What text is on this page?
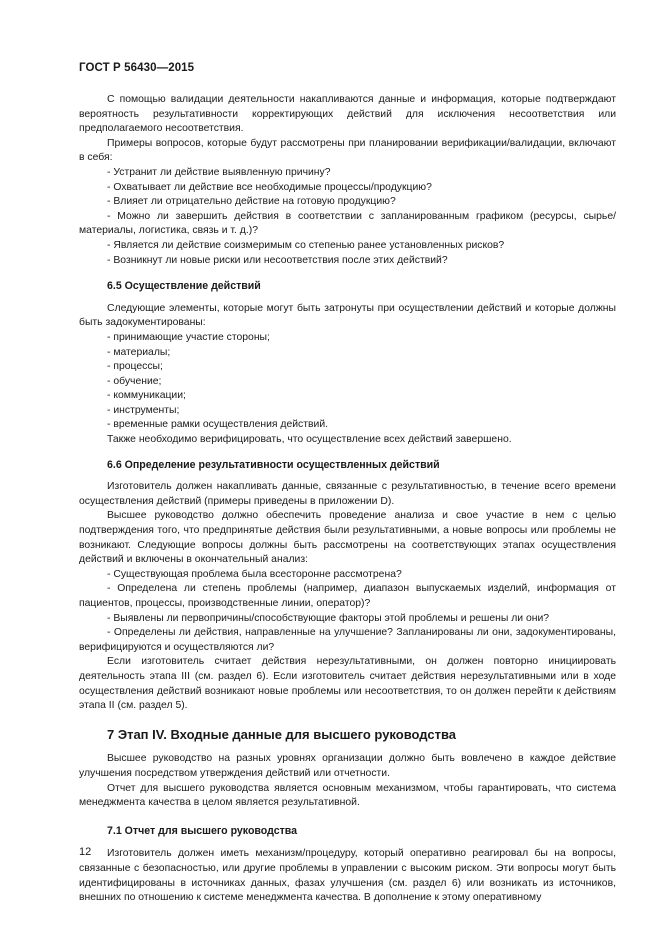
ГОСТ Р 56430—2015

С помощью валидации деятельности накапливаются данные и информация, которые подтверждают вероятность результативности корректирующих действий для исключения несоответствия или предполагаемого несоответствия.

Примеры вопросов, которые будут рассмотрены при планировании верификации/валидации, включают в себя:

- Устранит ли действие выявленную причину?

- Охватывает ли действие все необходимые процессы/продукцию?

- Влияет ли отрицательно действие на готовую продукцию?

- Можно ли завершить действия в соответствии с запланированным графиком (ресурсы, сырье/материалы, логистика, связь и т. д.)?

- Является ли действие соизмеримым со степенью ранее установленных рисков?

- Возникнут ли новые риски или несоответствия после этих действий?

6.5 Осуществление действий

Следующие элементы, которые могут быть затронуты при осуществлении действий и которые должны быть задокументированы:

- принимающие участие стороны;

- материалы;

- процессы;

- обучение;

- коммуникации;

- инструменты;

- временные рамки осуществления действий.

Также необходимо верифицировать, что осуществление всех действий завершено.

6.6 Определение результативности осуществленных действий

Изготовитель должен накапливать данные, связанные с результативностью, в течение всего времени осуществления действий (примеры приведены в приложении D).

Высшее руководство должно обеспечить проведение анализа и свое участие в нем с целью подтверждения того, что предпринятые действия были результативными, а новые вопросы или проблемы не возникают. Следующие вопросы должны быть рассмотрены на соответствующих этапах осуществления действий и включены в окончательный анализ:

- Существующая проблема была всесторонне рассмотрена?

- Определена ли степень проблемы (например, диапазон выпускаемых изделий, информация от пациентов, процессы, производственные линии, оператор)?

- Выявлены ли первопричины/способствующие факторы этой проблемы и решены ли они?

- Определены ли действия, направленные на улучшение? Запланированы ли они, задокументированы, верифицируются и осуществляются ли?

Если изготовитель считает действия нерезультативными, он должен повторно инициировать деятельность этапа III (см. раздел 6). Если изготовитель считает действия нерезультативными или в ходе осуществления действий возникают новые проблемы или несоответствия, то он должен перейти к действиям этапа II (см. раздел 5).

7 Этап IV. Входные данные для высшего руководства

Высшее руководство на разных уровнях организации должно быть вовлечено в каждое действие улучшения посредством утверждения действий или отчетности.

Отчет для высшего руководства является основным механизмом, чтобы гарантировать, что система менеджмента качества в целом является результативной.

7.1 Отчет для высшего руководства

Изготовитель должен иметь механизм/процедуру, который оперативно реагировал бы на вопросы, связанные с безопасностью, или другие проблемы в управлении с высоким риском. Эти вопросы могут быть идентифицированы в источниках данных, фазах улучшения (см. раздел 6) или возникать из источников, внешних по отношению к системе менеджмента качества. В дополнение к этому оперативному

12
